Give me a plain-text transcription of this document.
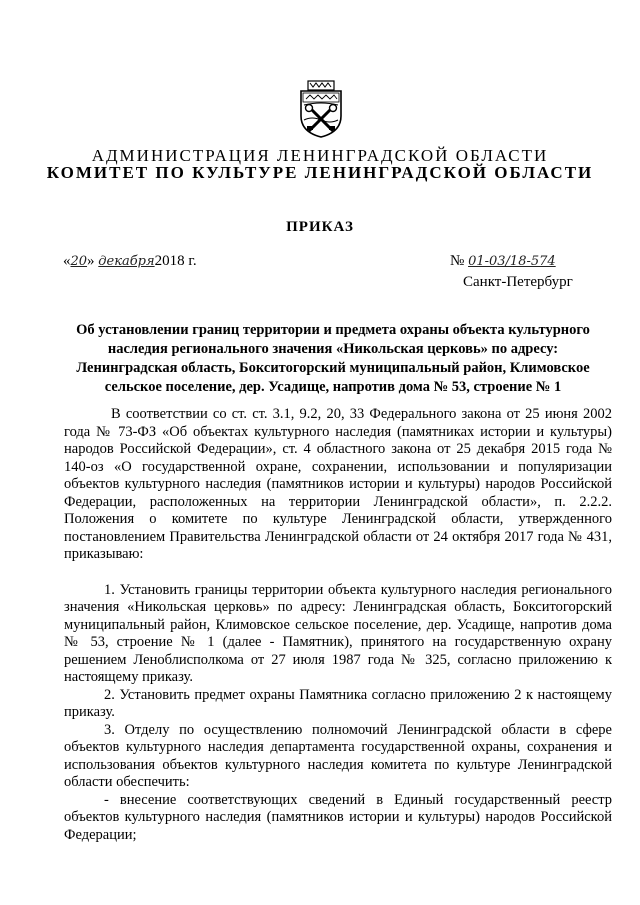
АДМИНИСТРАЦИЯ ЛЕНИНГРАДСКОЙ ОБЛАСТИ
КОМИТЕТ ПО КУЛЬТУРЕ ЛЕНИНГРАДСКОЙ ОБЛАСТИ
ПРИКАЗ
«20» декабря2018 г.	№ 01-03/18-574
Санкт-Петербург
Об установлении границ территории и предмета охраны объекта культурного наследия регионального значения «Никольская церковь» по адресу: Ленинградская область, Бокситогорский муниципальный район, Климовское сельское поселение, дер. Усадище, напротив дома № 53, строение № 1

В соответствии со ст. ст. 3.1, 9.2, 20, 33 Федерального закона от 25 июня 2002 года № 73-ФЗ «Об объектах культурного наследия (памятниках истории и культуры) народов Российской Федерации», ст. 4 областного закона от 25 декабря 2015 года № 140-оз «О государственной охране, сохранении, использовании и популяризации объектов культурного наследия (памятников истории и культуры) народов Российской Федерации, расположенных на территории Ленинградской области», п. 2.2.2. Положения о комитете по культуре Ленинградской области, утвержденного постановлением Правительства Ленинградской области от 24 октября 2017 года № 431, приказываю:

1. Установить границы территории объекта культурного наследия регионального значения «Никольская церковь» по адресу: Ленинградская область, Бокситогорский муниципальный район, Климовское сельское поселение, дер. Усадище, напротив дома № 53, строение № 1 (далее - Памятник), принятого на государственную охрану решением Леноблисполкома от 27 июля 1987 года № 325, согласно приложению к настоящему приказу.

2. Установить предмет охраны Памятника согласно приложению 2 к настоящему приказу.

3. Отделу по осуществлению полномочий Ленинградской области в сфере объектов культурного наследия департамента государственной охраны, сохранения и использования объектов культурного наследия комитета по культуре Ленинградской области обеспечить:

- внесение соответствующих сведений в Единый государственный реестр объектов культурного наследия (памятников истории и культуры) народов Российской Федерации;
